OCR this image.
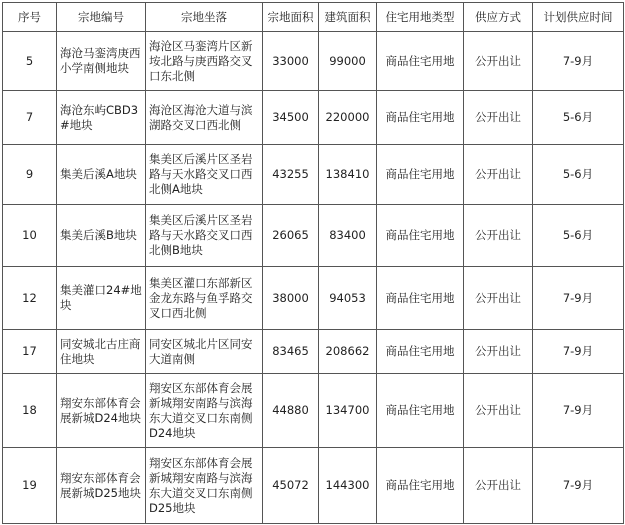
序号	宗地编号	宗地坐落	宗地面积	建筑面积	住宅用地类型	供应方式	计划供应时间
5	海沧马銮湾庚西小学南侧地块	海沧区马銮湾片区新垵北路与庚西路交叉口东北侧	33000	99000	商品住宅用地	公开出让	7-9月
7	海沧东屿CBD3#地块	海沧区海沧大道与滨湖路交叉口西北侧	34500	220000	商品住宅用地	公开出让	5-6月
9	集美后溪A地块	集美区后溪片区圣岩路与天水路交叉口西北侧A地块	43255	138410	商品住宅用地	公开出让	5-6月
10	集美后溪B地块	集美区后溪片区圣岩路与天水路交叉口西北侧B地块	26065	83400	商品住宅用地	公开出让	5-6月
12	集美灌口24#地块	集美区灌口东部新区金龙东路与鱼孚路交叉口西北侧	38000	94053	商品住宅用地	公开出让	7-9月
17	同安城北古庄商住地块	同安区城北片区同安大道南侧	83465	208662	商品住宅用地	公开出让	7-9月
18	翔安东部体育会展新城D24地块	翔安区东部体育会展新城翔安南路与滨海东大道交叉口东南侧D24地块	44880	134700	商品住宅用地	公开出让	7-9月
19	翔安东部体育会展新城D25地块	翔安区东部体育会展新城翔安南路与滨海东大道交叉口东南侧D25地块	45072	144300	商品住宅用地	公开出让	7-9月
